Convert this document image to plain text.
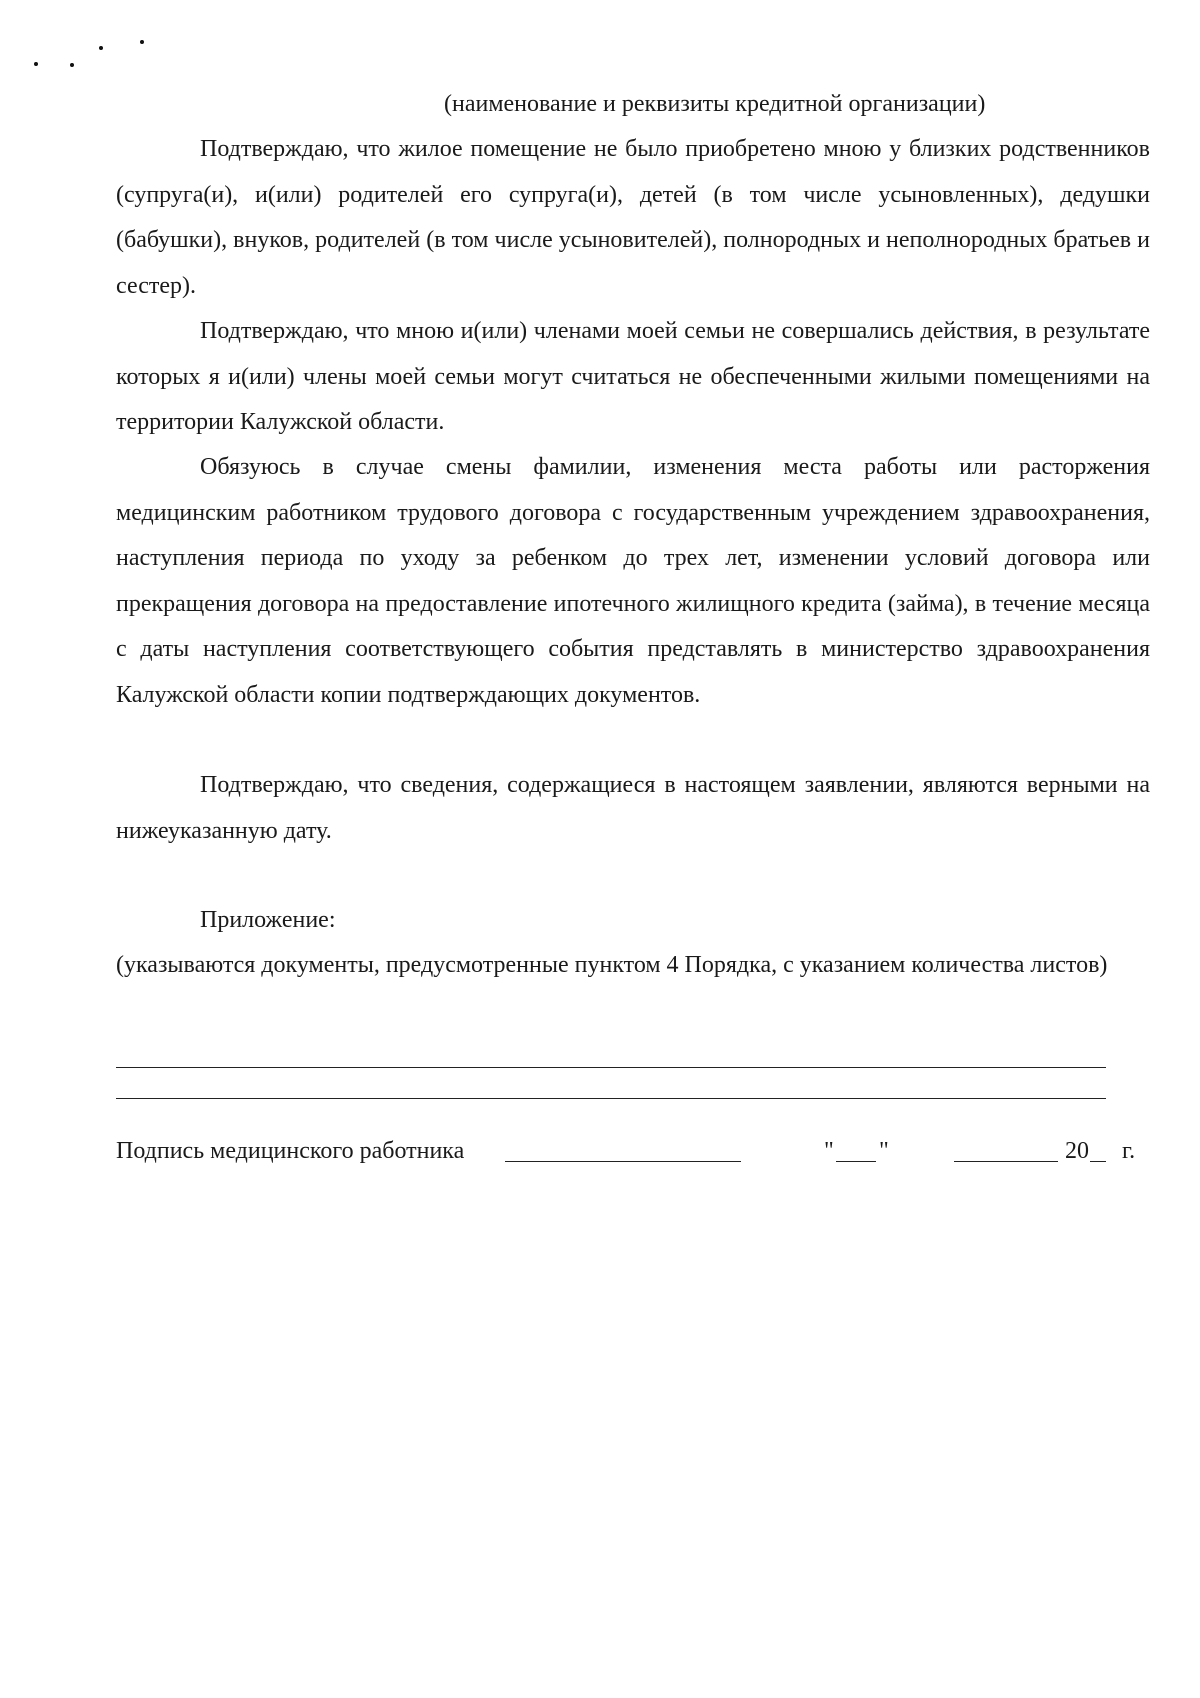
(наименование и реквизиты кредитной организации)

Подтверждаю, что жилое помещение не было приобретено мною у близких родственников (супруга(и), и(или) родителей его супруга(и), детей (в том числе усыновленных), дедушки (бабушки), внуков, родителей (в том числе усыновителей), полнородных и неполнородных братьев и сестер).

Подтверждаю, что мною и(или) членами моей семьи не совершались действия, в результате которых я и(или) члены моей семьи могут считаться не обеспеченными жилыми помещениями на территории Калужской области.

Обязуюсь в случае смены фамилии, изменения места работы или расторжения медицинским работником трудового договора с государственным учреждением здравоохранения, наступления периода по уходу за ребенком до трех лет, изменении условий договора или прекращения договора на предоставление ипотечного жилищного кредита (займа), в течение месяца с даты наступления соответствующего события представлять в министерство здравоохранения Калужской области копии подтверждающих документов.

Подтверждаю, что сведения, содержащиеся в настоящем заявлении, являются верными на нижеуказанную дату.

Приложение:

(указываются документы, предусмотренные пунктом 4 Порядка, с указанием количества листов)

Подпись медицинского работника	" "	20 г.
